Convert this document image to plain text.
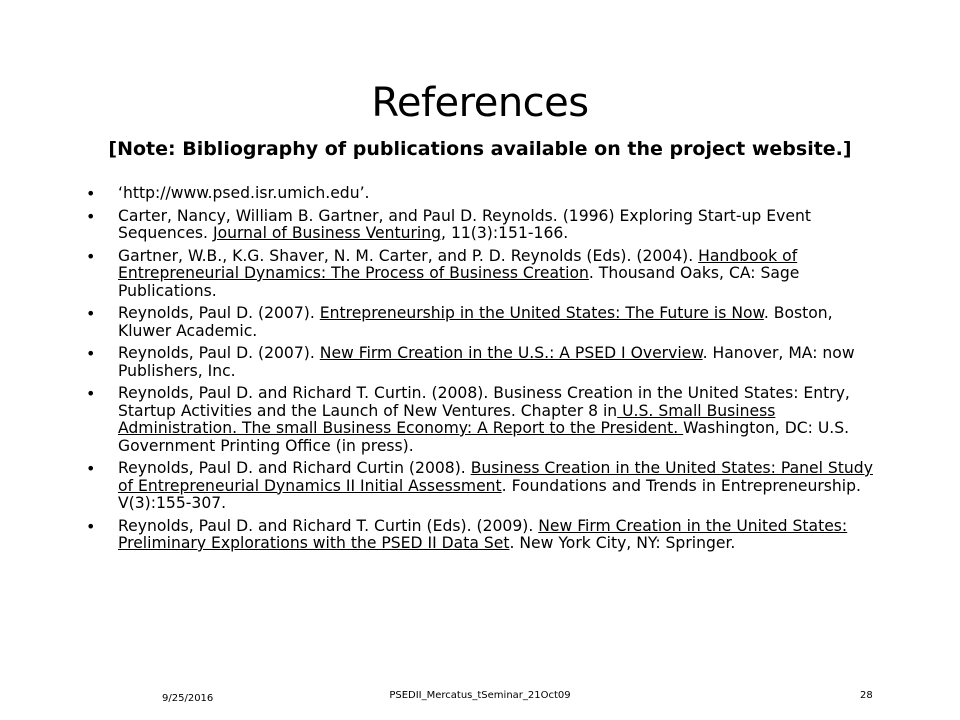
References
[Note: Bibliography of publications available on the project website.]
• ‘http://www.psed.isr.umich.edu’.
• Carter, Nancy, William B. Gartner, and Paul D. Reynolds. (1996) Exploring Start-up Event Sequences. Journal of Business Venturing, 11(3):151-166.
• Gartner, W.B., K.G. Shaver, N. M. Carter, and P. D. Reynolds (Eds). (2004). Handbook of Entrepreneurial Dynamics: The Process of Business Creation. Thousand Oaks, CA: Sage Publications.
• Reynolds, Paul D. (2007). Entrepreneurship in the United States: The Future is Now. Boston, Kluwer Academic.
• Reynolds, Paul D. (2007). New Firm Creation in the U.S.: A PSED I Overview. Hanover, MA: now Publishers, Inc.
• Reynolds, Paul D. and Richard T. Curtin. (2008). Business Creation in the United States: Entry, Startup Activities and the Launch of New Ventures. Chapter 8 in U.S. Small Business Administration. The small Business Economy: A Report to the President. Washington, DC: U.S. Government Printing Office (in press).
• Reynolds, Paul D. and Richard Curtin (2008). Business Creation in the United States: Panel Study of Entrepreneurial Dynamics II Initial Assessment. Foundations and Trends in Entrepreneurship. V(3):155-307.
• Reynolds, Paul D. and Richard T. Curtin (Eds). (2009). New Firm Creation in the United States: Preliminary Explorations with the PSED II Data Set. New York City, NY: Springer.
9/25/2016	PSEDII_Mercatus_tSeminar_21Oct09	28
